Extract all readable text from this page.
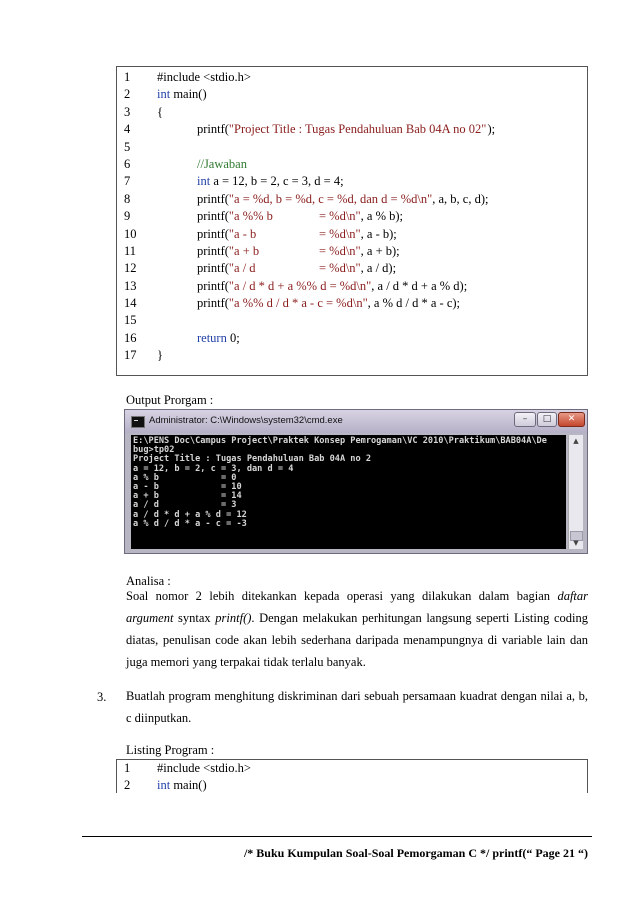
1 #include <stdio.h>
2 int main()
3 {
4	printf( "Project Title : Tugas Pendahuluan Bab 04A no 02" );
5
6	//Jawaban
7	int a = 12, b = 2, c = 3, d = 4;
8	printf( "a = %d, b = %d, c = %d, dan d = %d\n" , a, b, c, d);
9	printf( "a %% b	= %d\n" , a % b);
10	printf( "a - b	= %d\n" , a - b);
11	printf( "a + b	= %d\n" , a + b);
12	printf( "a / d	= %d\n" , a / d);
13	printf( "a / d * d + a %% d = %d\n" , a / d * d + a % d);
14	printf( "a %% d / d * a - c = %d\n" , a % d / d * a - c);
15
16	return 0;
17 }
Output Prorgam :
Administrator: C:\Windows\system32\cmd.exe	–	□	✕
E:\PENS Doc\Campus Project\Praktek Konsep Pemrogaman\VC 2010\Praktikum\BAB04A\De
bug>tp02
Project Title : Tugas Pendahuluan Bab 04A no 2
a = 12, b = 2, c = 3, dan d = 4
a % b            = 0
a - b            = 10
a + b            = 14
a / d            = 3
a / d * d + a % d = 12
a % d / d * a - c = -3
▲
▼
Analisa :
Soal nomor 2 lebih ditekankan kepada operasi yang dilakukan dalam bagian daftar argument syntax printf(). Dengan melakukan perhitungan langsung seperti Listing coding diatas, penulisan code akan lebih sederhana daripada menampungnya di variable lain dan juga memori yang terpakai tidak terlalu banyak.
3. Buatlah program menghitung diskriminan dari sebuah persamaan kuadrat dengan nilai a, b, c diinputkan.
Listing Program :
1 #include <stdio.h>
2 int main()
/* Buku Kumpulan Soal-Soal Pemorgaman C */ printf(“ Page 21 “)
